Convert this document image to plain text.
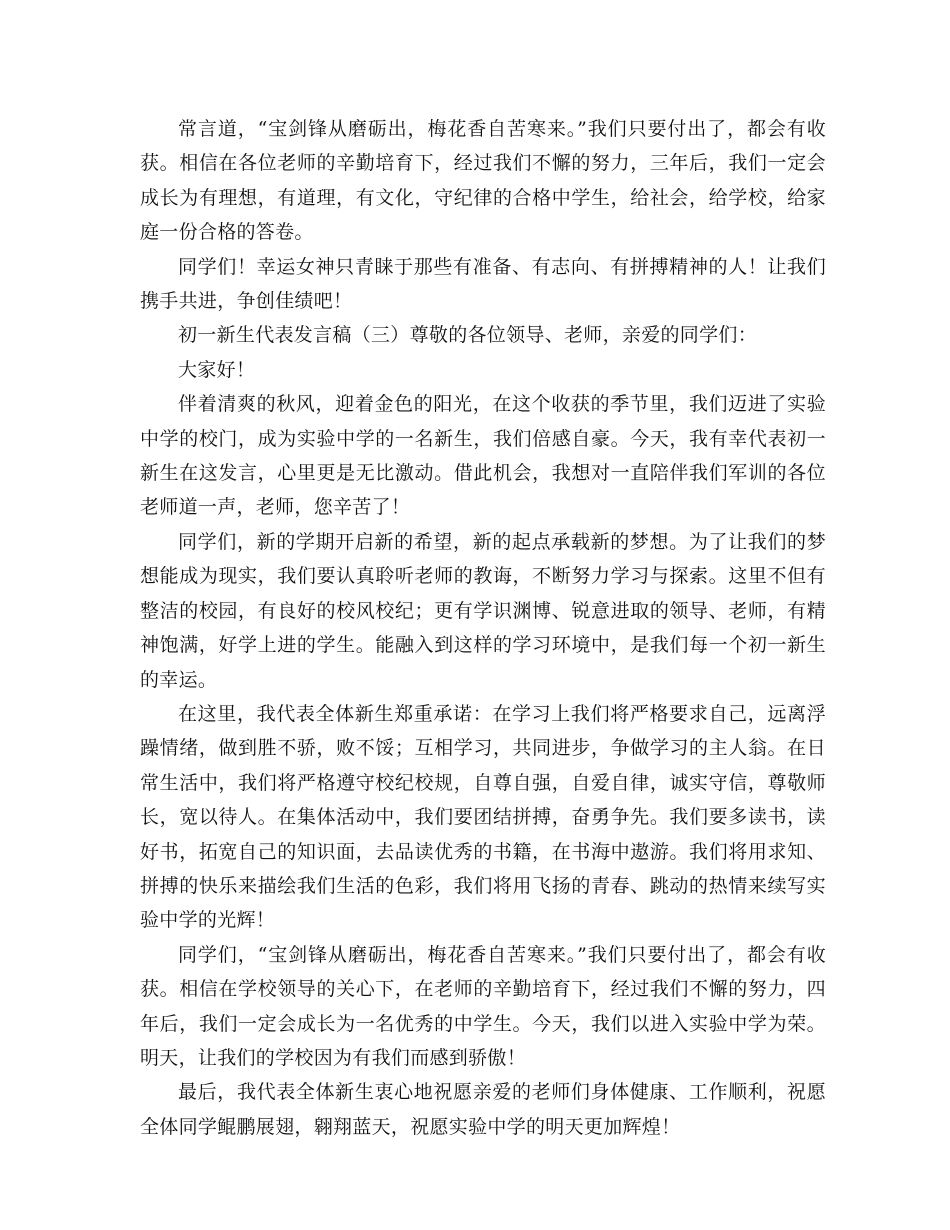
常言道，“宝剑锋从磨砺出，梅花香自苦寒来。”我们只要付出了，都会有收获。相信在各位老师的辛勤培育下，经过我们不懈的努力，三年后，我们一定会成长为有理想，有道理，有文化，守纪律的合格中学生，给社会，给学校，给家庭一份合格的答卷。

同学们！幸运女神只青睐于那些有准备、有志向、有拼搏精神的人！让我们携手共进，争创佳绩吧！

初一新生代表发言稿（三）尊敬的各位领导、老师，亲爱的同学们：

大家好！

伴着清爽的秋风，迎着金色的阳光，在这个收获的季节里，我们迈进了实验中学的校门，成为实验中学的一名新生，我们倍感自豪。今天，我有幸代表初一新生在这发言，心里更是无比激动。借此机会，我想对一直陪伴我们军训的各位老师道一声，老师，您辛苦了！

同学们，新的学期开启新的希望，新的起点承载新的梦想。为了让我们的梦想能成为现实，我们要认真聆听老师的教诲，不断努力学习与探索。这里不但有整洁的校园，有良好的校风校纪；更有学识渊博、锐意进取的领导、老师，有精神饱满，好学上进的学生。能融入到这样的学习环境中，是我们每一个初一新生的幸运。

在这里，我代表全体新生郑重承诺：在学习上我们将严格要求自己，远离浮躁情绪，做到胜不骄，败不馁；互相学习，共同进步，争做学习的主人翁。在日常生活中，我们将严格遵守校纪校规，自尊自强，自爱自律，诚实守信，尊敬师长，宽以待人。在集体活动中，我们要团结拼搏，奋勇争先。我们要多读书，读好书，拓宽自己的知识面，去品读优秀的书籍，在书海中遨游。我们将用求知、拼搏的快乐来描绘我们生活的色彩，我们将用飞扬的青春、跳动的热情来续写实验中学的光辉！

同学们，“宝剑锋从磨砺出，梅花香自苦寒来。”我们只要付出了，都会有收获。相信在学校领导的关心下，在老师的辛勤培育下，经过我们不懈的努力，四年后，我们一定会成长为一名优秀的中学生。今天，我们以进入实验中学为荣。明天，让我们的学校因为有我们而感到骄傲！

最后，我代表全体新生衷心地祝愿亲爱的老师们身体健康、工作顺利，祝愿全体同学鲲鹏展翅，翱翔蓝天，祝愿实验中学的明天更加辉煌！
